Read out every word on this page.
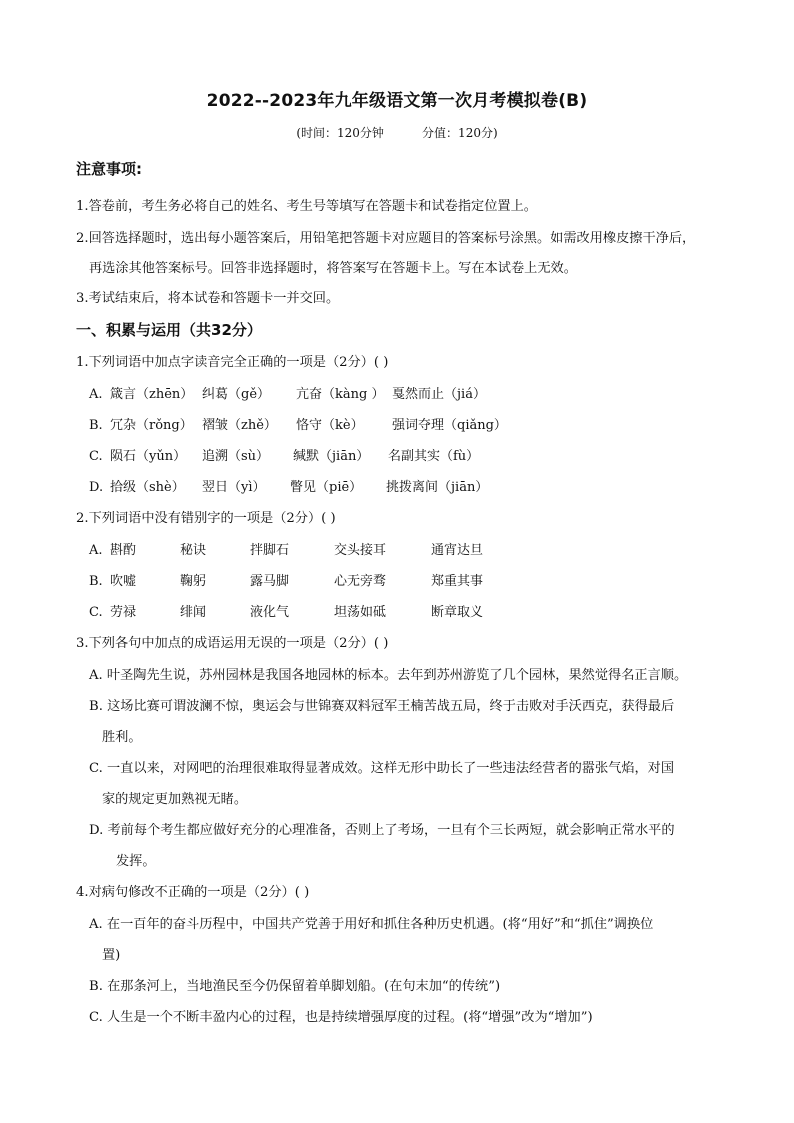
2022--2023年九年级语文第一次月考模拟卷(B)
(时间：120分钟          分值：120分)
注意事项:
1.答卷前，考生务必将自己的姓名、考生号等填写在答题卡和试卷指定位置上。
2.回答选择题时，选出每小题答案后，用铅笔把答题卡对应题目的答案标号涂黑。如需改用橡皮擦干净后，
再选涂其他答案标号。回答非选择题时，将答案写在答题卡上。写在本试卷上无效。
3.考试结束后，将本试卷和答题卡一并交回。
一、积累与运用（共32分）
1.下列词语中加点字读音完全正确的一项是（2分）( )
A. 箴言（zhēn） 纠葛（gě） 亢奋（kàng ） 戛然而止（jiá）
B. 冗杂（rǒng） 褶皱（zhě） 恪守（kè） 强词夺理（qiǎng）
C. 陨石（yǔn） 追溯（sù） 缄默（jiān） 名副其实（fù）
D. 拾级（shè） 翌日（yì） 瞥见（piē） 挑拨离间（jiān）
2.下列词语中没有错别字的一项是（2分）( )
A. 斟酌	秘诀	拌脚石	交头接耳	通宵达旦
B. 吹嘘	鞠躬	露马脚	心无旁骛	郑重其事
C. 劳禄	绯闻	液化气	坦荡如砥	断章取义
3.下列各句中加点的成语运用无误的一项是（2分）( )
A. 叶圣陶先生说，苏州园林是我国各地园林的标本。去年到苏州游览了几个园林，果然觉得名正言顺。
B. 这场比赛可谓波澜不惊，奥运会与世锦赛双料冠军王楠苦战五局，终于击败对手沃西克，获得最后
胜利。
C. 一直以来，对网吧的治理很难取得显著成效。这样无形中助长了一些违法经营者的嚣张气焰，对国
家的规定更加熟视无睹。
D. 考前每个考生都应做好充分的心理准备，否则上了考场，一旦有个三长两短，就会影响正常水平的
发挥。
4.对病句修改不正确的一项是（2分）( )
A. 在一百年的奋斗历程中，中国共产党善于用好和抓住各种历史机遇。(将“用好”和“抓住”调换位
置)
B. 在那条河上，当地渔民至今仍保留着单脚划船。(在句末加“的传统”)
C. 人生是一个不断丰盈内心的过程，也是持续增强厚度的过程。(将“增强”改为“增加”)
